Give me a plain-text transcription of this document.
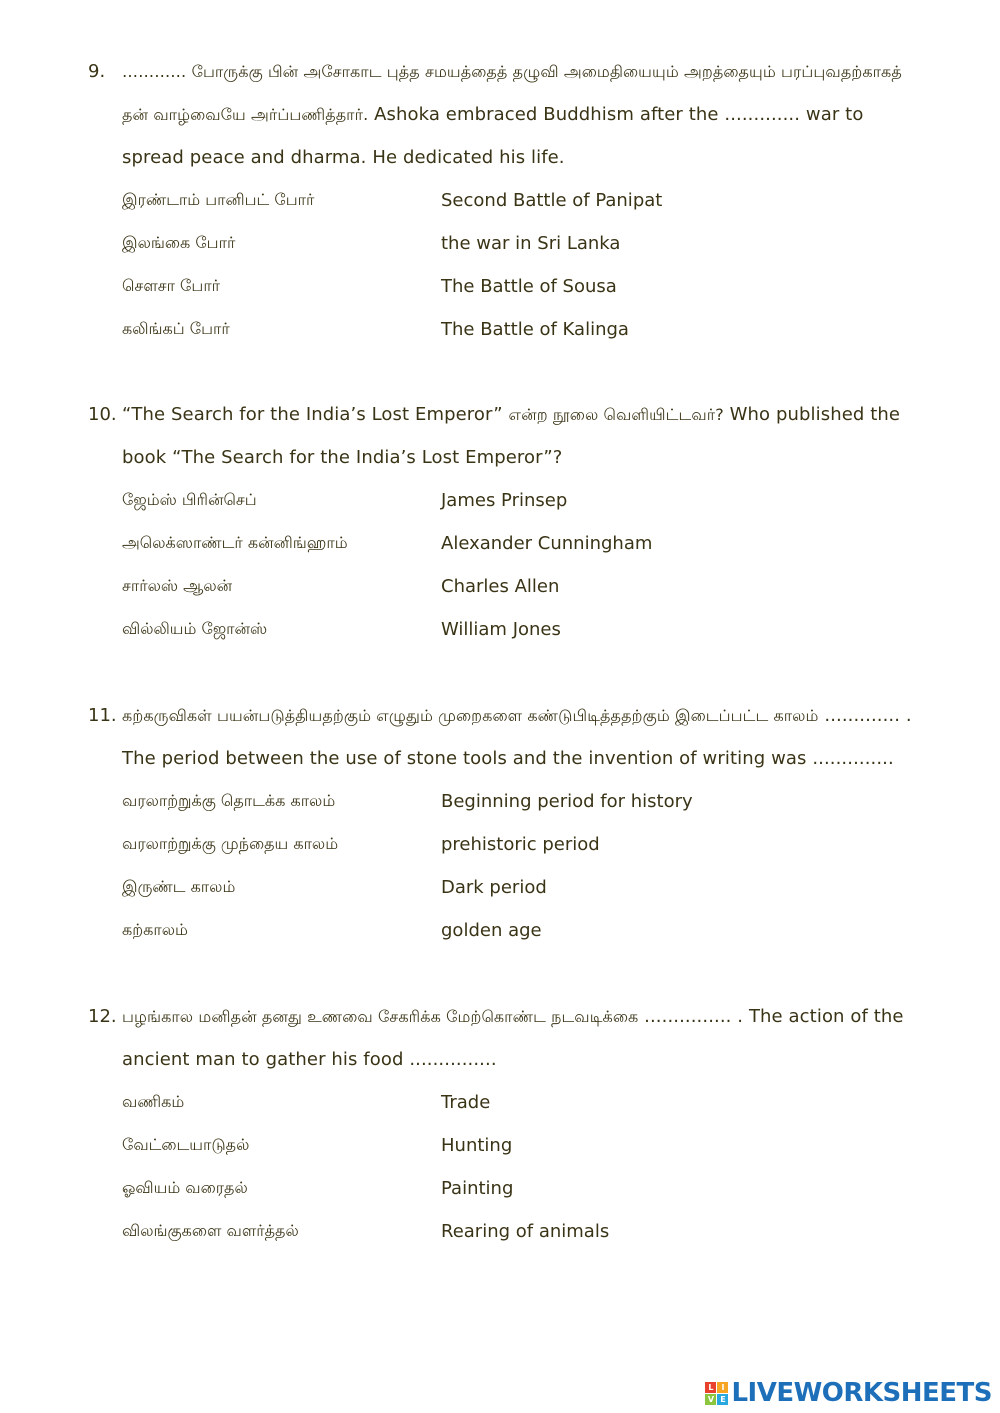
9. ………… போருக்கு பின் அசோகாட புத்த சமயத்தைத் தழுவி அமைதியையும் அறத்தையும் பரப்புவதற்காகத் தன் வாழ்வையே அர்ப்பணித்தார். Ashoka embraced Buddhism after the ............. war to spread peace and dharma. He dedicated his life.
இரண்டாம் பானிபட் போர்	Second Battle of Panipat
இலங்கை போர்	the war in Sri Lanka
சௌசா போர்	The Battle of Sousa
கலிங்கப் போர்	The Battle of Kalinga
10. “The Search for the India’s Lost Emperor” என்ற நூலை வெளியிட்டவர்? Who published the book “The Search for the India’s Lost Emperor”?
ஜேம்ஸ் பிரின்செப்	James Prinsep
அலெக்ஸாண்டர் கன்னிங்ஹாம்	Alexander Cunningham
சார்லஸ் ஆலன்	Charles Allen
வில்லியம் ஜோன்ஸ்	William Jones
11. கற்கருவிகள் பயன்படுத்தியதற்கும் எழுதும் முறைகளை கண்டுபிடித்ததற்கும் இடைப்பட்ட காலம் ............. . The period between the use of stone tools and the invention of writing was ..............
வரலாற்றுக்கு தொடக்க காலம்	Beginning period for history
வரலாற்றுக்கு முந்தைய காலம்	prehistoric period
இருண்ட காலம்	Dark period
கற்காலம்	golden age
12. பழங்கால மனிதன் தனது உணவை சேகரிக்க மேற்கொண்ட நடவடிக்கை ............... . The action of the ancient man to gather his food ...............
வணிகம்	Trade
வேட்டையாடுதல்	Hunting
ஓவியம் வரைதல்	Painting
விலங்குகளை வளர்த்தல்	Rearing of animals
L I
V E LIVEWORKSHEETS
